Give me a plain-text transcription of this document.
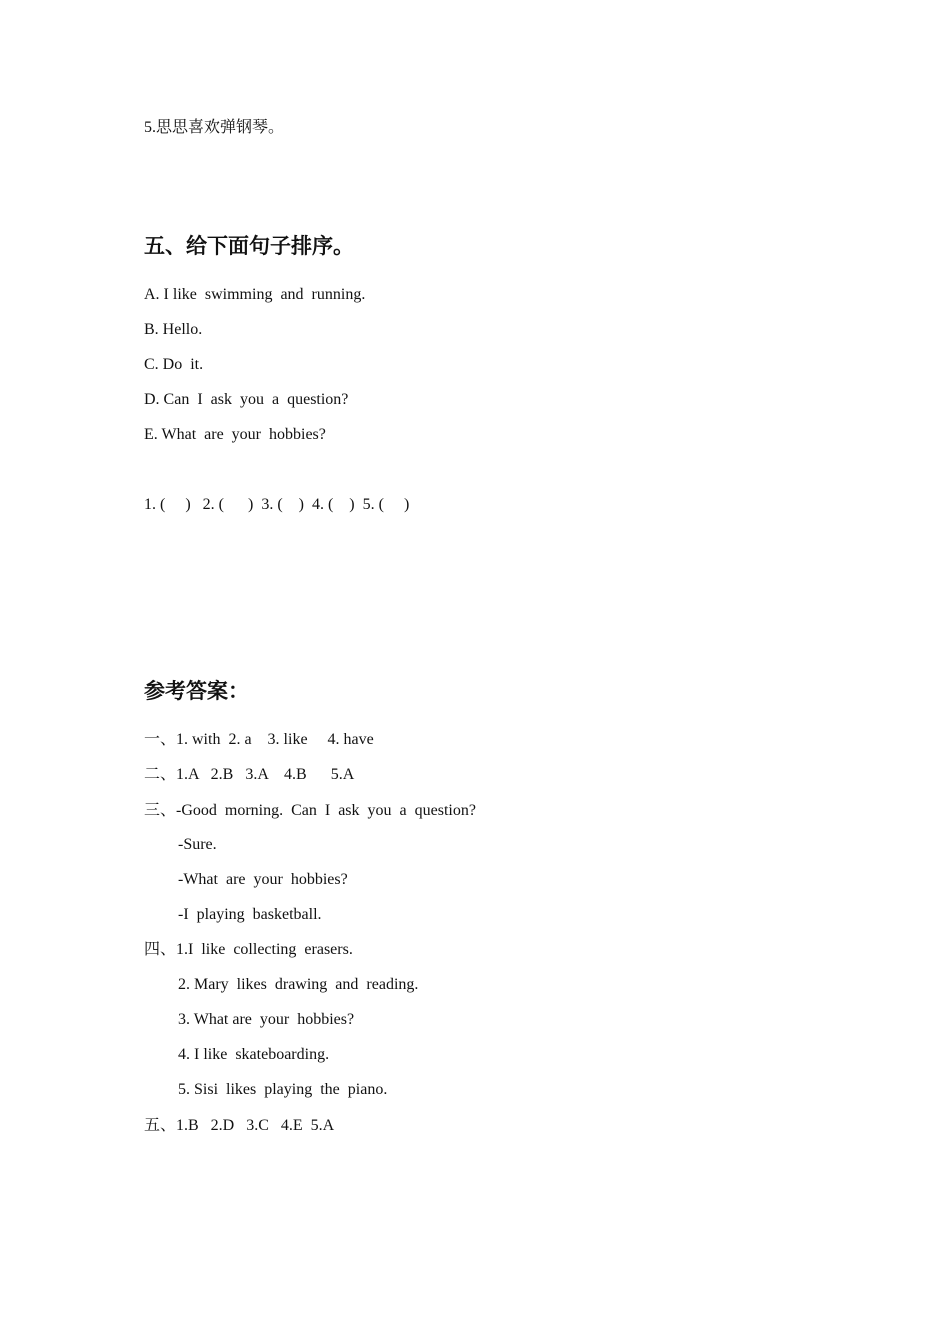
5.思思喜欢弹钢琴。
五、给下面句子排序。
A. I like  swimming  and  running.
B. Hello.
C. Do  it.
D. Can  I  ask  you  a  question?
E. What  are  your  hobbies?
1. (     )   2. (      )  3. (    )  4. (    )  5. (     )
参考答案：
一、1. with  2. a    3. like     4. have
二、1.A   2.B   3.A    4.B      5.A
三、-Good  morning.  Can  I  ask  you  a  question?
-Sure.
-What  are  your  hobbies?
-I  playing  basketball.
四、1.I  like  collecting  erasers.
2. Mary  likes  drawing  and  reading.
3. What are  your  hobbies?
4. I like  skateboarding.
5. Sisi  likes  playing  the  piano.
五、1.B   2.D   3.C   4.E  5.A
